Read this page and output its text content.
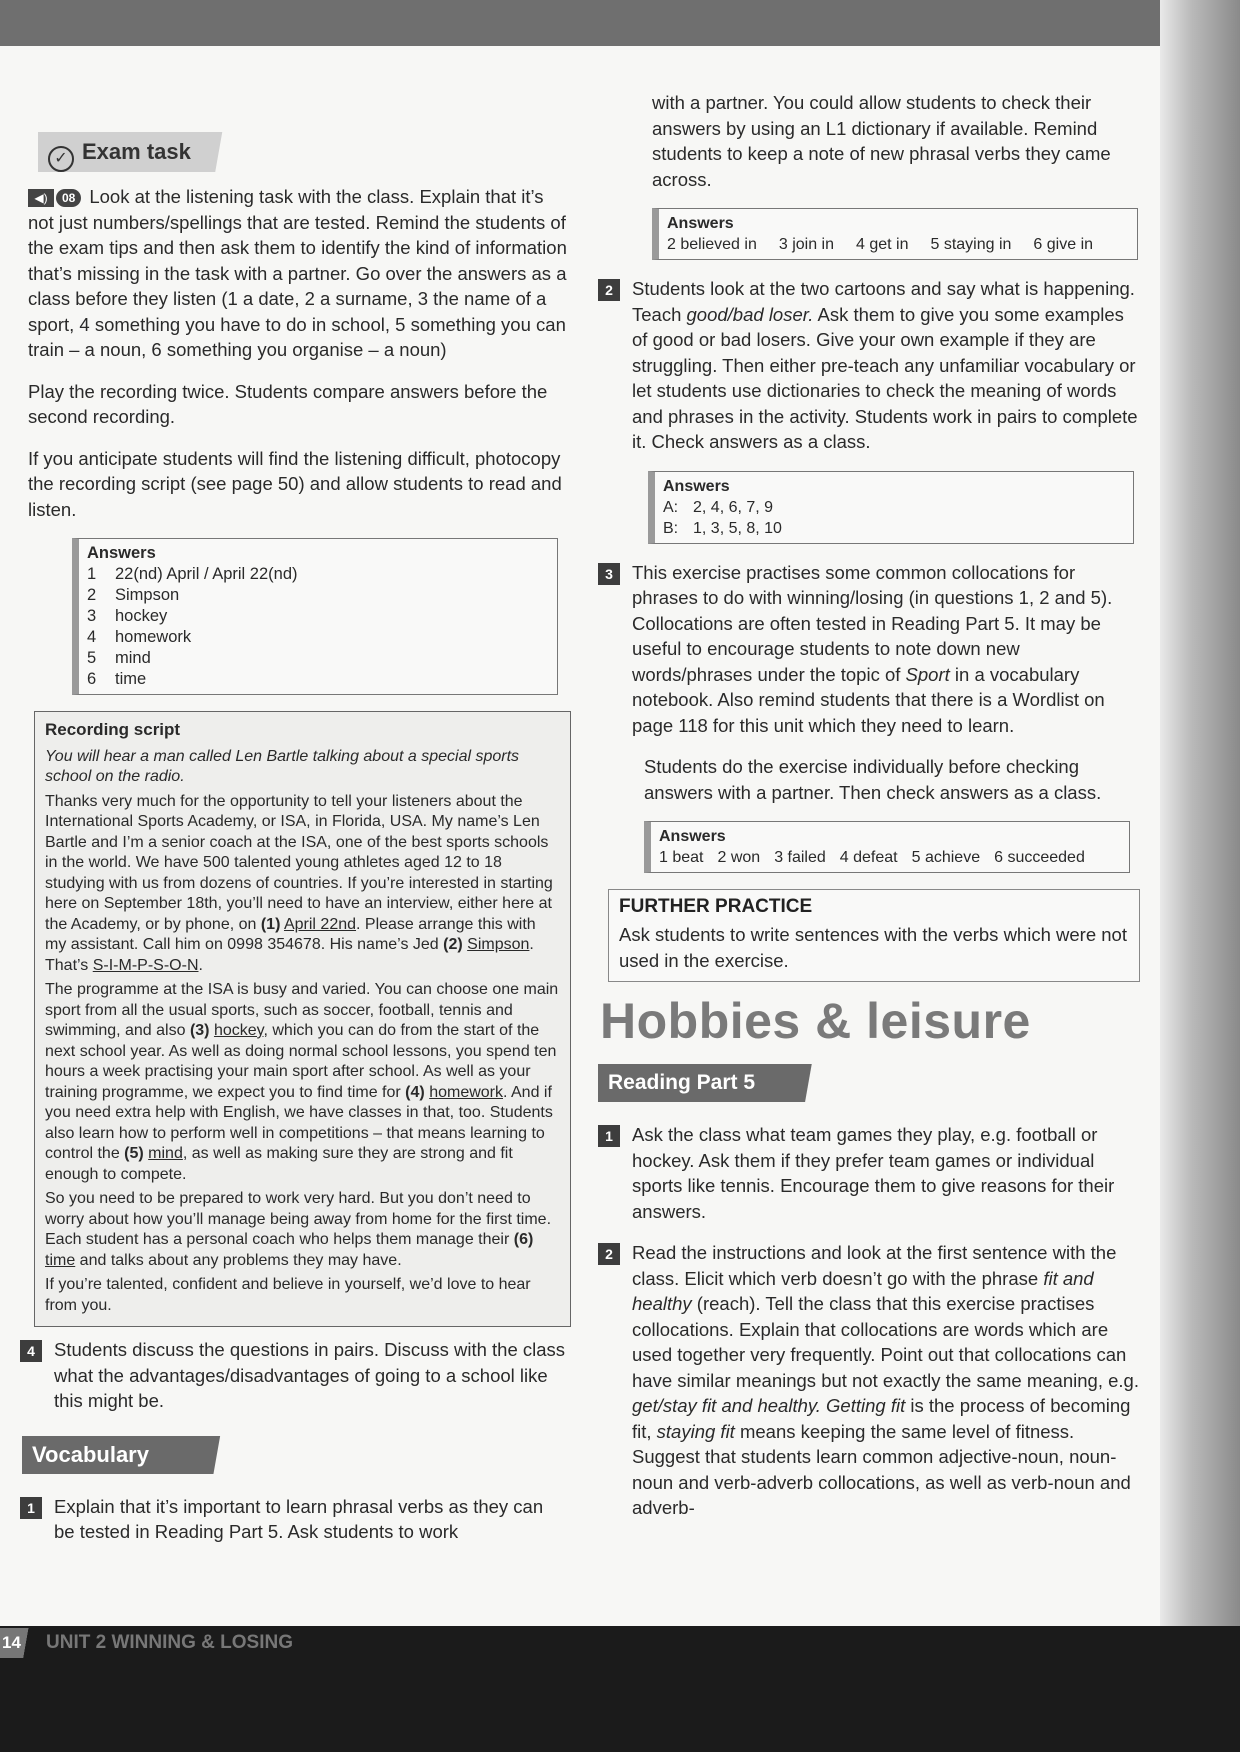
✓ Exam task

◀) 08 Look at the listening task with the class. Explain that it’s not just numbers/spellings that are tested. Remind the students of the exam tips and then ask them to identify the kind of information that’s missing in the task with a partner. Go over the answers as a class before they listen (1 a date, 2 a surname, 3 the name of a sport, 4 something you have to do in school, 5 something you can train – a noun, 6 something you organise – a noun)

Play the recording twice. Students compare answers before the second recording.

If you anticipate students will find the listening difficult, photocopy the recording script (see page 50) and allow students to read and listen.

Answers
1	22(nd) April / April 22(nd)
2	Simpson
3	hockey
4	homework
5	mind
6	time
Recording script
You will hear a man called Len Bartle talking about a special sports school on the radio.
Thanks very much for the opportunity to tell your listeners about the International Sports Academy, or ISA, in Florida, USA. My name’s Len Bartle and I’m a senior coach at the ISA, one of the best sports schools in the world. We have 500 talented young athletes aged 12 to 18 studying with us from dozens of countries. If you’re interested in starting here on September 18th, you’ll need to have an interview, either here at the Academy, or by phone, on (1) April 22nd. Please arrange this with my assistant. Call him on 0998 354678. His name’s Jed (2) Simpson. That’s S-I-M-P-S-O-N.
The programme at the ISA is busy and varied. You can choose one main sport from all the usual sports, such as soccer, football, tennis and swimming, and also (3) hockey, which you can do from the start of the next school year. As well as doing normal school lessons, you spend ten hours a week practising your main sport after school. As well as your training programme, we expect you to find time for (4) homework. And if you need extra help with English, we have classes in that, too. Students also learn how to perform well in competitions – that means learning to control the (5) mind, as well as making sure they are strong and fit enough to compete.
So you need to be prepared to work very hard. But you don’t need to worry about how you’ll manage being away from home for the first time. Each student has a personal coach who helps them manage their (6) time and talks about any problems they may have.
If you’re talented, confident and believe in yourself, we’d love to hear from you.
4	Students discuss the questions in pairs. Discuss with the class what the advantages/disadvantages of going to a school like this might be.

Vocabulary
1	Explain that it’s important to learn phrasal verbs as they can be tested in Reading Part 5. Ask students to work

with a partner. You could allow students to check their answers by using an L1 dictionary if available. Remind students to keep a note of new phrasal verbs they came across.

Answers
2 believed in 3 join in 4 get in 5 staying in 6 give in
2	Students look at the two cartoons and say what is happening. Teach good/bad loser. Ask them to give you some examples of good or bad losers. Give your own example if they are struggling. Then either pre-teach any unfamiliar vocabulary or let students use dictionaries to check the meaning of words and phrases in the activity. Students work in pairs to complete it. Check answers as a class.

Answers
A: 2, 4, 6, 7, 9
B: 1, 3, 5, 8, 10
3	This exercise practises some common collocations for phrases to do with winning/losing (in questions 1, 2 and 5). Collocations are often tested in Reading Part 5. It may be useful to encourage students to note down new words/phrases under the topic of Sport in a vocabulary notebook. Also remind students that there is a Wordlist on page 118 for this unit which they need to learn.

Students do the exercise individually before checking answers with a partner. Then check answers as a class.

Answers
1 beat 2 won 3 failed 4 defeat 5 achieve 6 succeeded
FURTHER PRACTICE

Ask students to write sentences with the verbs which were not used in the exercise.

Hobbies & leisure
Reading Part 5
1	Ask the class what team games they play, e.g. football or hockey. Ask them if they prefer team games or individual sports like tennis. Encourage them to give reasons for their answers.

2	Read the instructions and look at the first sentence with the class. Elicit which verb doesn’t go with the phrase fit and healthy (reach). Tell the class that this exercise practises collocations. Explain that collocations are words which are used together very frequently. Point out that collocations can have similar meanings but not exactly the same meaning, e.g. get/stay fit and healthy. Getting fit is the process of becoming fit, staying fit means keeping the same level of fitness. Suggest that students learn common adjective-noun, noun-noun and verb-adverb collocations, as well as verb-noun and adverb-

14 UNIT 2 WINNING & LOSING
